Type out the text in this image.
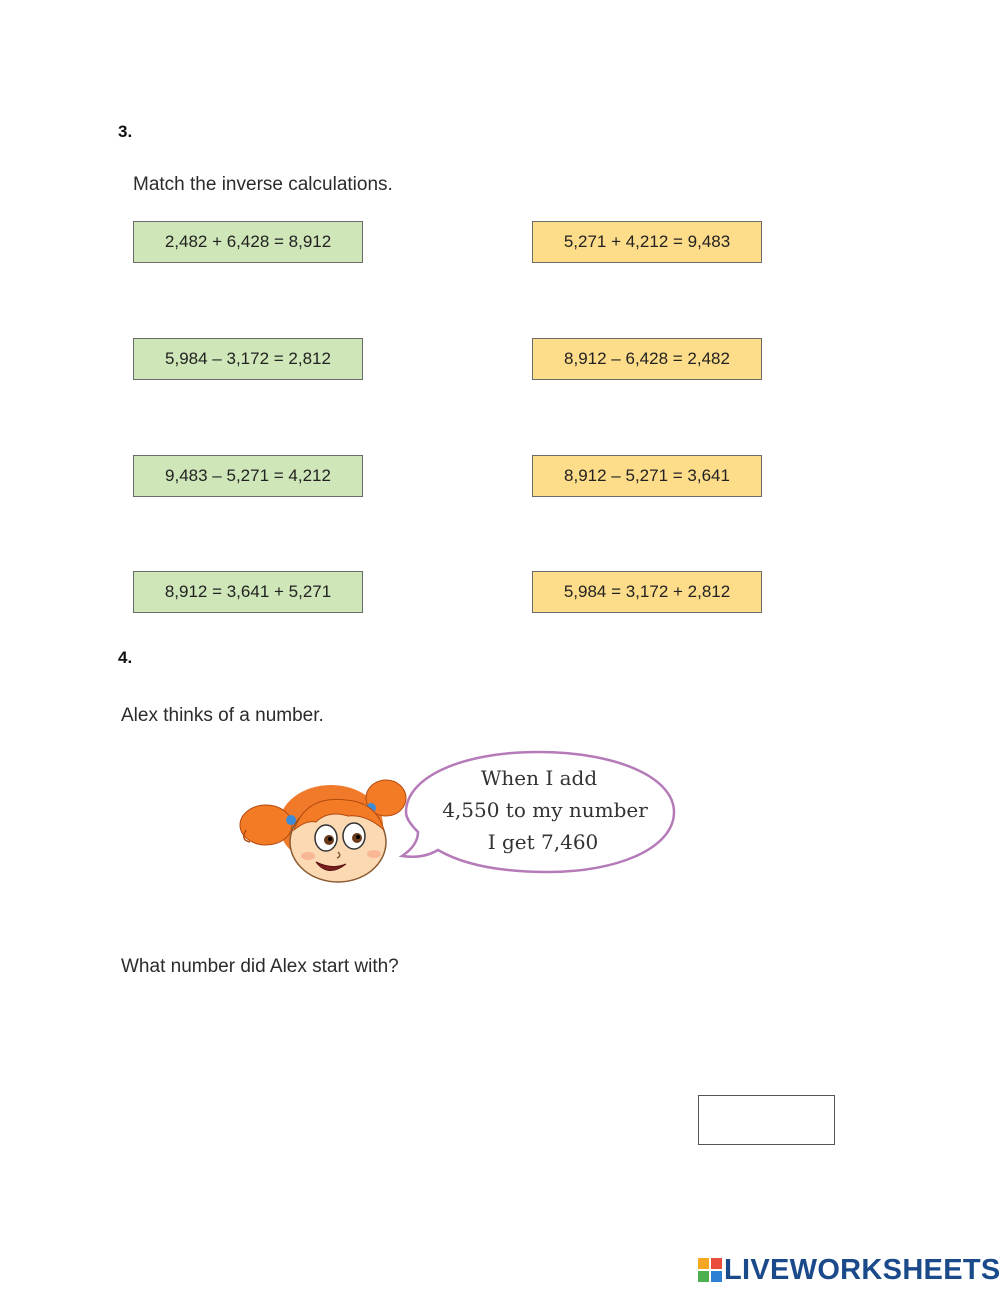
3.
Match the inverse calculations.
2,482 + 6,428 = 8,912
5,984 – 3,172 = 2,812
9,483 – 5,271 = 4,212
8,912 = 3,641 + 5,271
5,271 + 4,212 = 9,483
8,912 – 6,428 = 2,482
8,912 – 5,271 = 3,641
5,984 = 3,172 + 2,812
4.
Alex thinks of a number.
When I add
4,550 to my number
I get 7,460
What number did Alex start with?
LIVEWORKSHEETS
